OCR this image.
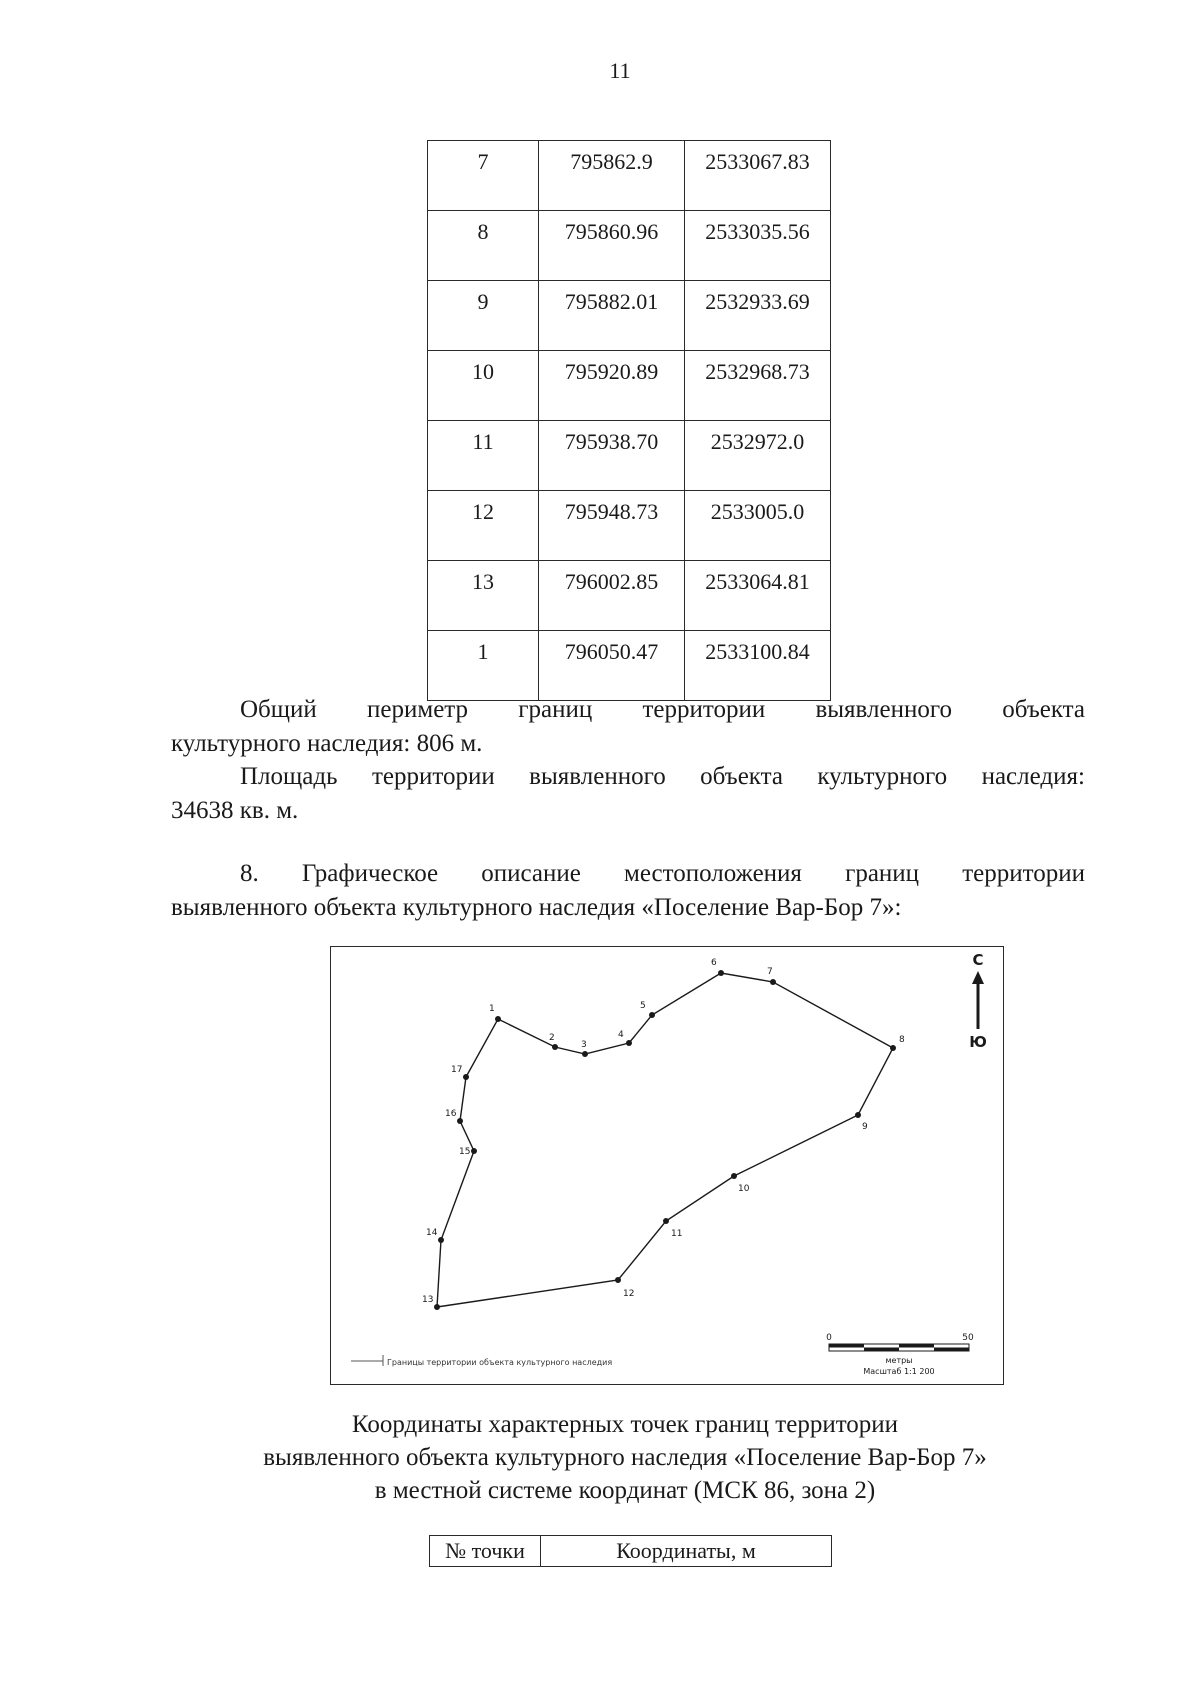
11
7	795862.9	2533067.83
8	795860.96	2533035.56
9	795882.01	2532933.69
10	795920.89	2532968.73
11	795938.70	2532972.0
12	795948.73	2533005.0
13	796002.85	2533064.81
1	796050.47	2533100.84
Общий периметр границ территории выявленного объекта
культурного наследия: 806 м.
Площадь территории выявленного объекта культурного наследия:
34638 кв. м.
8. Графическое описание местоположения границ территории
выявленного объекта культурного наследия «Поселение Вар-Бор 7»:
1
2
3
4
5
6
7
8
9
10
11
12
13
14
15
16
17
С
Ю
Границы территории объекта культурного наследия
0	50
метры
Масштаб 1:1 200
Координаты характерных точек границ территории
выявленного объекта культурного наследия «Поселение Вар-Бор 7»
в местной системе координат (МСК 86, зона 2)
№ точки	Координаты, м
